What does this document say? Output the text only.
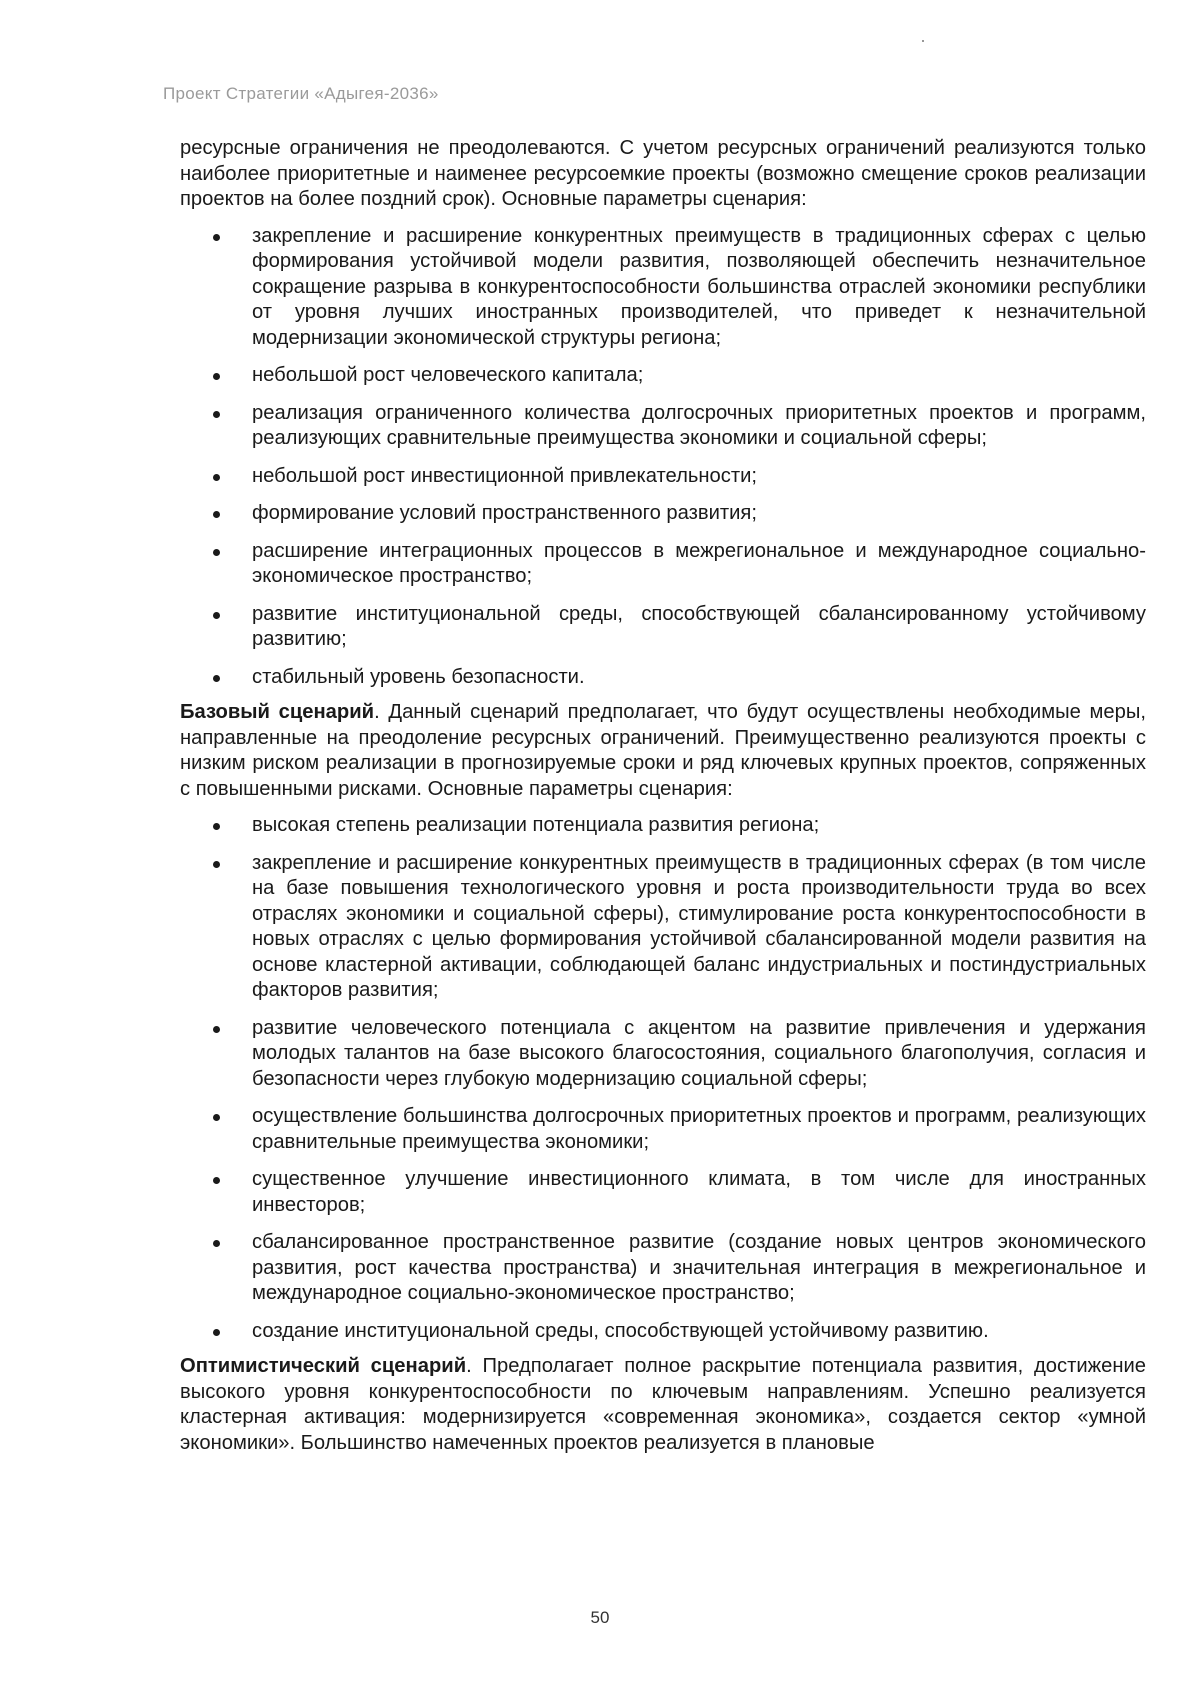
Проект Стратегии «Адыгея-2036»

ресурсные ограничения не преодолеваются. С учетом ресурсных ограничений реализуются только наиболее приоритетные и наименее ресурсоемкие проекты (возможно смещение сроков реализации проектов на более поздний срок). Основные параметры сценария:

закрепление и расширение конкурентных преимуществ в традиционных сферах с целью формирования устойчивой модели развития, позволяющей обеспечить незначительное сокращение разрыва в конкурентоспособности большинства отраслей экономики республики от уровня лучших иностранных производителей, что приведет к незначительной модернизации экономической структуры региона;
небольшой рост человеческого капитала;
реализация ограниченного количества долгосрочных приоритетных проектов и программ, реализующих сравнительные преимущества экономики и социальной сферы;
небольшой рост инвестиционной привлекательности;
формирование условий пространственного развития;
расширение интеграционных процессов в межрегиональное и международное социально-экономическое пространство;
развитие институциональной среды, способствующей сбалансированному устойчивому развитию;
стабильный уровень безопасности.

Базовый сценарий. Данный сценарий предполагает, что будут осуществлены необходимые меры, направленные на преодоление ресурсных ограничений. Преимущественно реализуются проекты с низким риском реализации в прогнозируемые сроки и ряд ключевых крупных проектов, сопряженных с повышенными рисками. Основные параметры сценария:

высокая степень реализации потенциала развития региона;
закрепление и расширение конкурентных преимуществ в традиционных сферах (в том числе на базе повышения технологического уровня и роста производительности труда во всех отраслях экономики и социальной сферы), стимулирование роста конкурентоспособности в новых отраслях с целью формирования устойчивой сбалансированной модели развития на основе кластерной активации, соблюдающей баланс индустриальных и постиндустриальных факторов развития;
развитие человеческого потенциала с акцентом на развитие привлечения и удержания молодых талантов на базе высокого благосостояния, социального благополучия, согласия и безопасности через глубокую модернизацию социальной сферы;
осуществление большинства долгосрочных приоритетных проектов и программ, реализующих сравнительные преимущества экономики;
существенное улучшение инвестиционного климата, в том числе для иностранных инвесторов;
сбалансированное пространственное развитие (создание новых центров экономического развития, рост качества пространства) и значительная интеграция в межрегиональное и международное социально-экономическое пространство;
создание институциональной среды, способствующей устойчивому развитию.

Оптимистический сценарий. Предполагает полное раскрытие потенциала развития, достижение высокого уровня конкурентоспособности по ключевым направлениям. Успешно реализуется кластерная активация: модернизируется «современная экономика», создается сектор «умной экономики». Большинство намеченных проектов реализуется в плановые

50
